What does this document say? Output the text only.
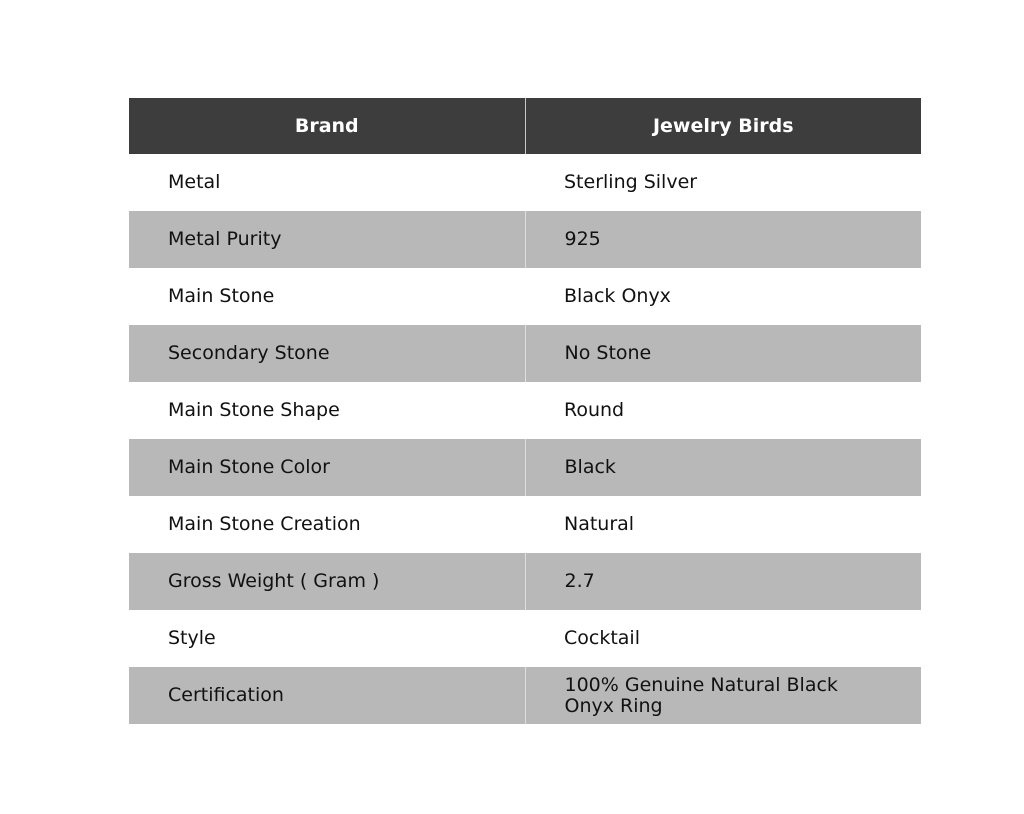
Brand	Jewelry Birds
Metal	Sterling Silver
Metal Purity	925
Main Stone	Black Onyx
Secondary Stone	No Stone
Main Stone Shape	Round
Main Stone Color	Black
Main Stone Creation	Natural
Gross Weight ( Gram )	2.7
Style	Cocktail
Certification	100% Genuine Natural Black Onyx Ring
